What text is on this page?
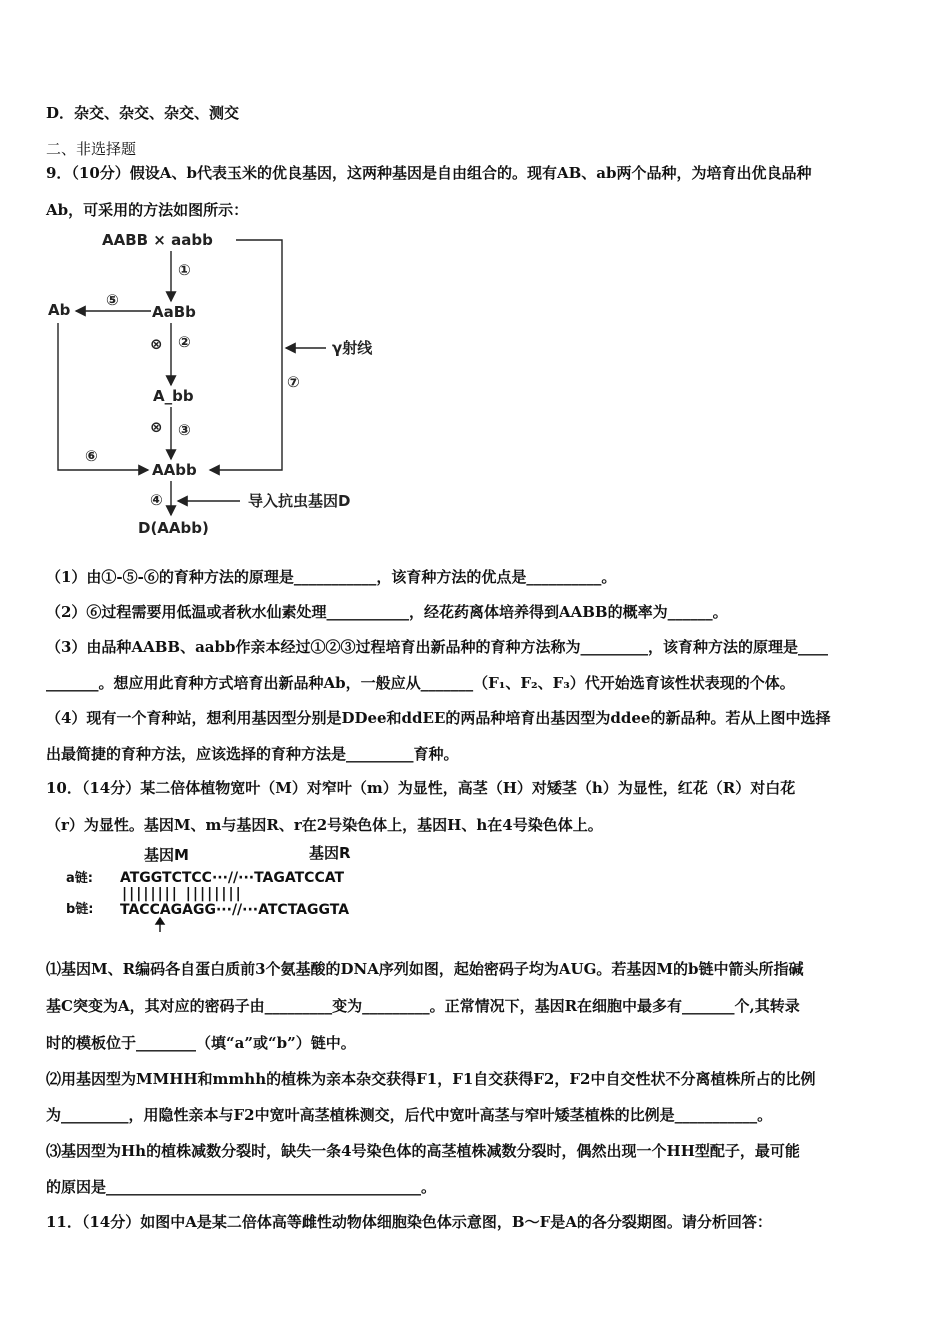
D．杂交、杂交、杂交、测交
二、非选择题
9．（10分）假设A、b代表玉米的优良基因，这两种基因是自由组合的。现有AB、ab两个品种，为培育出优良品种
Ab，可采用的方法如图所示：
AABB × aabb
①
AaBb
Ab
⑤
⊗ ②	γ射线
⑦
A_bb
⊗ ③
⑥
AAbb
④	导入抗虫基因D
D(AAbb)
（1）由①-⑤-⑥的育种方法的原理是___________，该育种方法的优点是__________。
（2）⑥过程需要用低温或者秋水仙素处理___________，经花药离体培养得到AABB的概率为______。
（3）由品种AABB、aabb作亲本经过①②③过程培育出新品种的育种方法称为_________，该育种方法的原理是____
_______。想应用此育种方式培育出新品种Ab，一般应从_______（F₁、F₂、F₃）代开始选育该性状表现的个体。
（4）现有一个育种站，想利用基因型分别是DDee和ddEE的两品种培育出基因型为ddee的新品种。若从上图中选择
出最简捷的育种方法，应该选择的育种方法是_________育种。
10．（14分）某二倍体植物宽叶（M）对窄叶（m）为显性，高茎（H）对矮茎（h）为显性，红花（R）对白花
（r）为显性。基因M、m与基因R、r在2号染色体上，基因H、h在4号染色体上。
基因M	基因R
a链:
b链:
ATGGTCTCC···//···TAGATCCAT
|||||||| ||||||||
TACCAGAGG···//···ATCTAGGTA
⑴基因M、R编码各自蛋白质前3个氨基酸的DNA序列如图，起始密码子均为AUG。若基因M的b链中箭头所指碱
基C突变为A，其对应的密码子由_________变为_________。正常情况下，基因R在细胞中最多有_______个,其转录
时的模板位于________（填“a”或“b”）链中。
⑵用基因型为MMHH和mmhh的植株为亲本杂交获得F1，F1自交获得F2，F2中自交性状不分离植株所占的比例
为_________，用隐性亲本与F2中宽叶高茎植株测交，后代中宽叶高茎与窄叶矮茎植株的比例是___________。
⑶基因型为Hh的植株减数分裂时，缺失一条4号染色体的高茎植株减数分裂时，偶然出现一个HH型配子，最可能
的原因是__________________________________________。
11．（14分）如图中A是某二倍体高等雌性动物体细胞染色体示意图，B～F是A的各分裂期图。请分析回答：
